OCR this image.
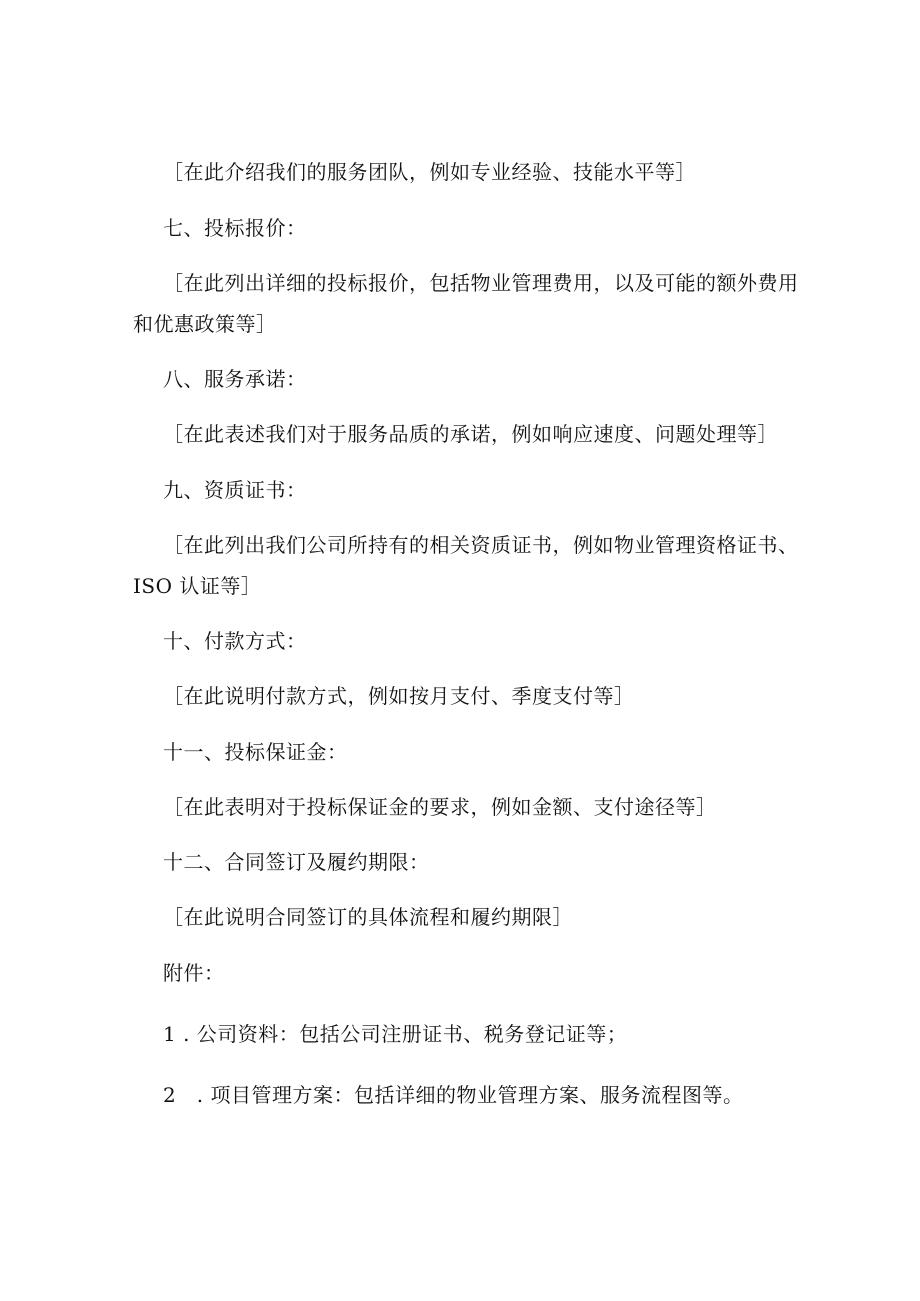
［在此介绍我们的服务团队，例如专业经验、技能水平等］
七、投标报价：
［在此列出详细的投标报价，包括物业管理费用，以及可能的额外费用
和优惠政策等］
八、服务承诺：
［在此表述我们对于服务品质的承诺，例如响应速度、问题处理等］
九、资质证书：
［在此列出我们公司所持有的相关资质证书，例如物业管理资格证书、
ISO 认证等］
十、付款方式：
［在此说明付款方式，例如按月支付、季度支付等］
十一、投标保证金：
［在此表明对于投标保证金的要求，例如金额、支付途径等］
十二、合同签订及履约期限：
［在此说明合同签订的具体流程和履约期限］
附件：
1 . 公司资料：包括公司注册证书、税务登记证等；
2　. 项目管理方案：包括详细的物业管理方案、服务流程图等。
